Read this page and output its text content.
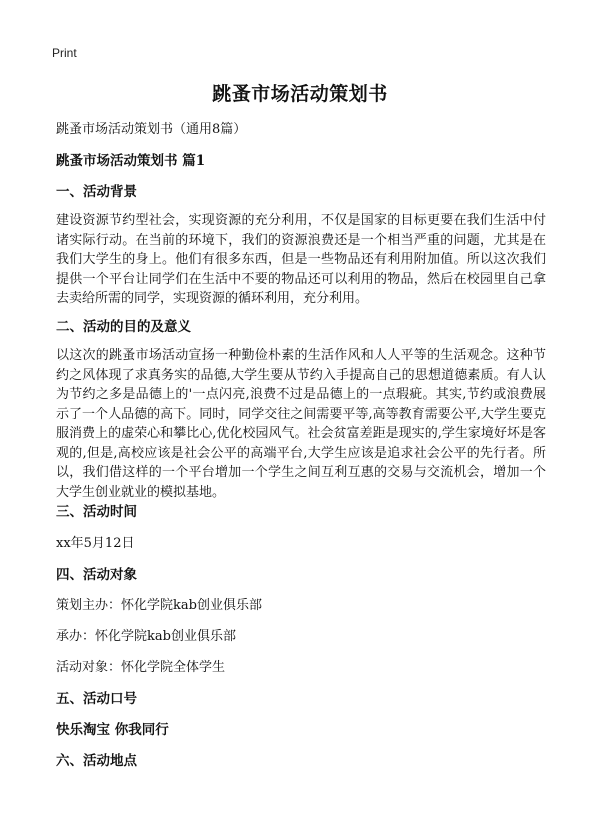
Print
跳蚤市场活动策划书
跳蚤市场活动策划书（通用8篇）
跳蚤市场活动策划书 篇1
一、活动背景
建设资源节约型社会，实现资源的充分利用，不仅是国家的目标更要在我们生活中付诸实际行动。在当前的环境下，我们的资源浪费还是一个相当严重的问题，尤其是在我们大学生的身上。他们有很多东西，但是一些物品还有利用附加值。所以这次我们提供一个平台让同学们在生活中不要的物品还可以利用的物品，然后在校园里自己拿去卖给所需的同学，实现资源的循环利用，充分利用。
二、活动的目的及意义
以这次的跳蚤市场活动宣扬一种勤俭朴素的生活作风和人人平等的生活观念。这种节约之风体现了求真务实的品德,大学生要从节约入手提高自己的思想道德素质。有人认为节约之多是品德上的'一点闪亮,浪费不过是品德上的一点瑕疵。其实,节约或浪费展示了一个人品德的高下。同时，同学交往之间需要平等,高等教育需要公平,大学生要克服消费上的虚荣心和攀比心,优化校园风气。社会贫富差距是现实的,学生家境好坏是客观的,但是,高校应该是社会公平的高端平台,大学生应该是追求社会公平的先行者。所以，我们借这样的一个平台增加一个学生之间互利互惠的交易与交流机会，增加一个大学生创业就业的模拟基地。
三、活动时间
xx年5月12日
四、活动对象
策划主办：怀化学院kab创业俱乐部
承办：怀化学院kab创业俱乐部
活动对象：怀化学院全体学生
五、活动口号
快乐淘宝 你我同行
六、活动地点
